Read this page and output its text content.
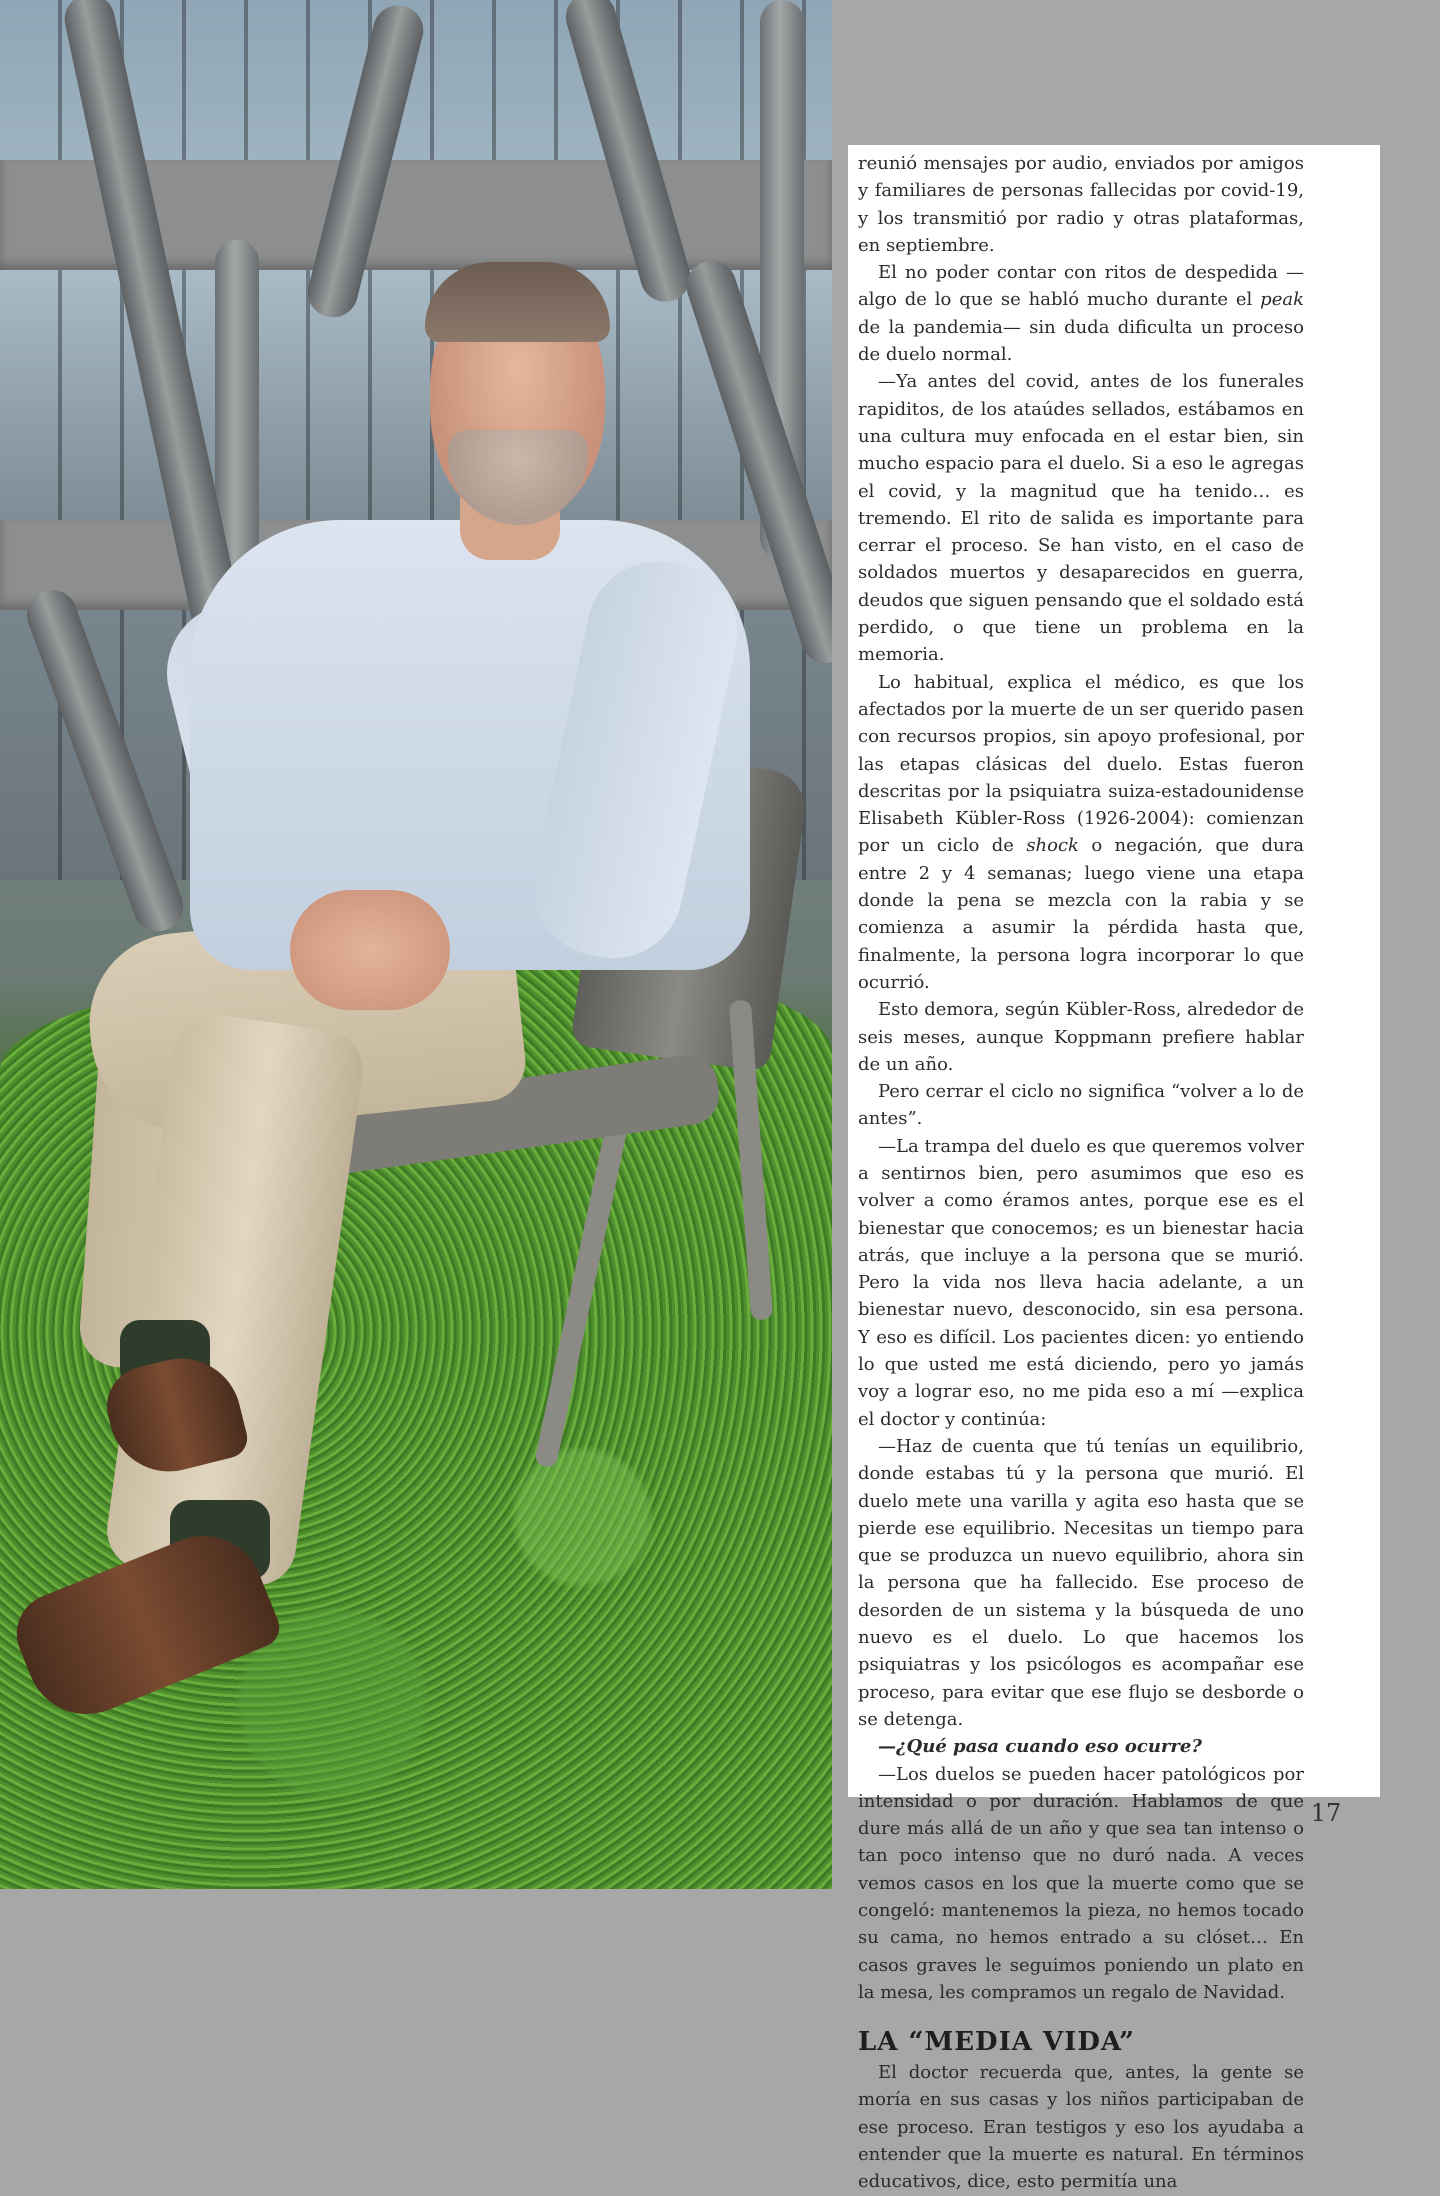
reunió mensajes por audio, enviados por amigos y familiares de personas fallecidas por covid-19, y los transmitió por radio y otras plataformas, en septiembre.

El no poder contar con ritos de despedida —algo de lo que se habló mucho durante el peak de la pandemia— sin duda dificulta un proceso de duelo normal.

—Ya antes del covid, antes de los funerales rapiditos, de los ataúdes sellados, estábamos en una cultura muy enfocada en el estar bien, sin mucho espacio para el duelo. Si a eso le agregas el covid, y la magnitud que ha tenido… es tremendo. El rito de salida es importante para cerrar el proceso. Se han visto, en el caso de soldados muertos y desaparecidos en guerra, deudos que siguen pensando que el soldado está perdido, o que tiene un problema en la memoria.

Lo habitual, explica el médico, es que los afectados por la muerte de un ser querido pasen con recursos propios, sin apoyo profesional, por las etapas clásicas del duelo. Estas fueron descritas por la psiquiatra suiza-estadounidense Elisabeth Kübler-Ross (1926-2004): comienzan por un ciclo de shock o negación, que dura entre 2 y 4 semanas; luego viene una etapa donde la pena se mezcla con la rabia y se comienza a asumir la pérdida hasta que, finalmente, la persona logra incorporar lo que ocurrió.

Esto demora, según Kübler-Ross, alrededor de seis meses, aunque Koppmann prefiere hablar de un año.

Pero cerrar el ciclo no significa “volver a lo de antes”.

—La trampa del duelo es que queremos volver a sentirnos bien, pero asumimos que eso es volver a como éramos antes, porque ese es el bienestar que conocemos; es un bienestar hacia atrás, que incluye a la persona que se murió. Pero la vida nos lleva hacia adelante, a un bienestar nuevo, desconocido, sin esa persona. Y eso es difícil. Los pacientes dicen: yo entiendo lo que usted me está diciendo, pero yo jamás voy a lograr eso, no me pida eso a mí —explica el doctor y continúa:

—Haz de cuenta que tú tenías un equilibrio, donde estabas tú y la persona que murió. El duelo mete una varilla y agita eso hasta que se pierde ese equilibrio. Necesitas un tiempo para que se produzca un nuevo equilibrio, ahora sin la persona que ha fallecido. Ese proceso de desorden de un sistema y la búsqueda de uno nuevo es el duelo. Lo que hacemos los psiquiatras y los psicólogos es acompañar ese proceso, para evitar que ese flujo se desborde o se detenga.

—¿Qué pasa cuando eso ocurre?

—Los duelos se pueden hacer patológicos por intensidad o por duración. Hablamos de que dure más allá de un año y que sea tan intenso o tan poco intenso que no duró nada. A veces vemos casos en los que la muerte como que se congeló: mantenemos la pieza, no hemos tocado su cama, no hemos entrado a su clóset… En casos graves le seguimos poniendo un plato en la mesa, les compramos un regalo de Navidad.

LA “MEDIA VIDA”

El doctor recuerda que, antes, la gente se moría en sus casas y los niños participaban de ese proceso. Eran testigos y eso los ayudaba a entender que la muerte es natural. En términos educativos, dice, esto permitía una

17
